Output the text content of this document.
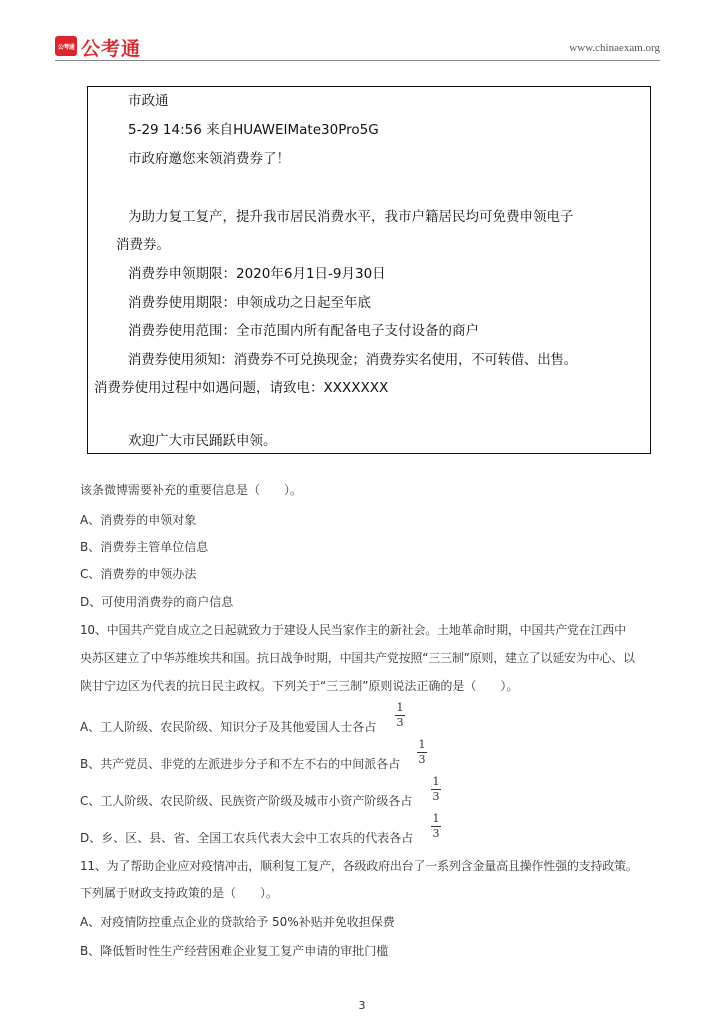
公考通 公考通	www.chinaexam.org
市政通
5-29 14:56 来自HUAWEIMate30Pro5G
市政府邀您来领消费券了！
为助力复工复产，提升我市居民消费水平，我市户籍居民均可免费申领电子
消费券。
消费券申领期限：2020年6月1日-9月30日
消费券使用期限：申领成功之日起至年底
消费券使用范围：全市范围内所有配备电子支付设备的商户
消费券使用须知：消费券不可兑换现金；消费券实名使用，不可转借、出售。
消费券使用过程中如遇问题，请致电：XXXXXXX
欢迎广大市民踊跃申领。
该条微博需要补充的重要信息是（　　）。
A、消费券的申领对象
B、消费券主管单位信息
C、消费券的申领办法
D、可使用消费券的商户信息
10、中国共产党自成立之日起就致力于建设人民当家作主的新社会。土地革命时期，中国共产党在江西中
央苏区建立了中华苏维埃共和国。抗日战争时期，中国共产党按照“三三制”原则，建立了以延安为中心、以
陕甘宁边区为代表的抗日民主政权。下列关于“三三制”原则说法正确的是（　　）。
A、工人阶级、农民阶级、知识分子及其他爱国人士各占
1
3
B、共产党员、非党的左派进步分子和不左不右的中间派各占
1
3
C、工人阶级、农民阶级、民族资产阶级及城市小资产阶级各占
1
3
D、乡、区、县、省、全国工农兵代表大会中工农兵的代表各占
1
3
11、为了帮助企业应对疫情冲击，顺利复工复产，各级政府出台了一系列含金量高且操作性强的支持政策。
下列属于财政支持政策的是（　　）。
A、对疫情防控重点企业的贷款给予 50%补贴并免收担保费
B、降低暂时性生产经营困难企业复工复产申请的审批门槛
3
